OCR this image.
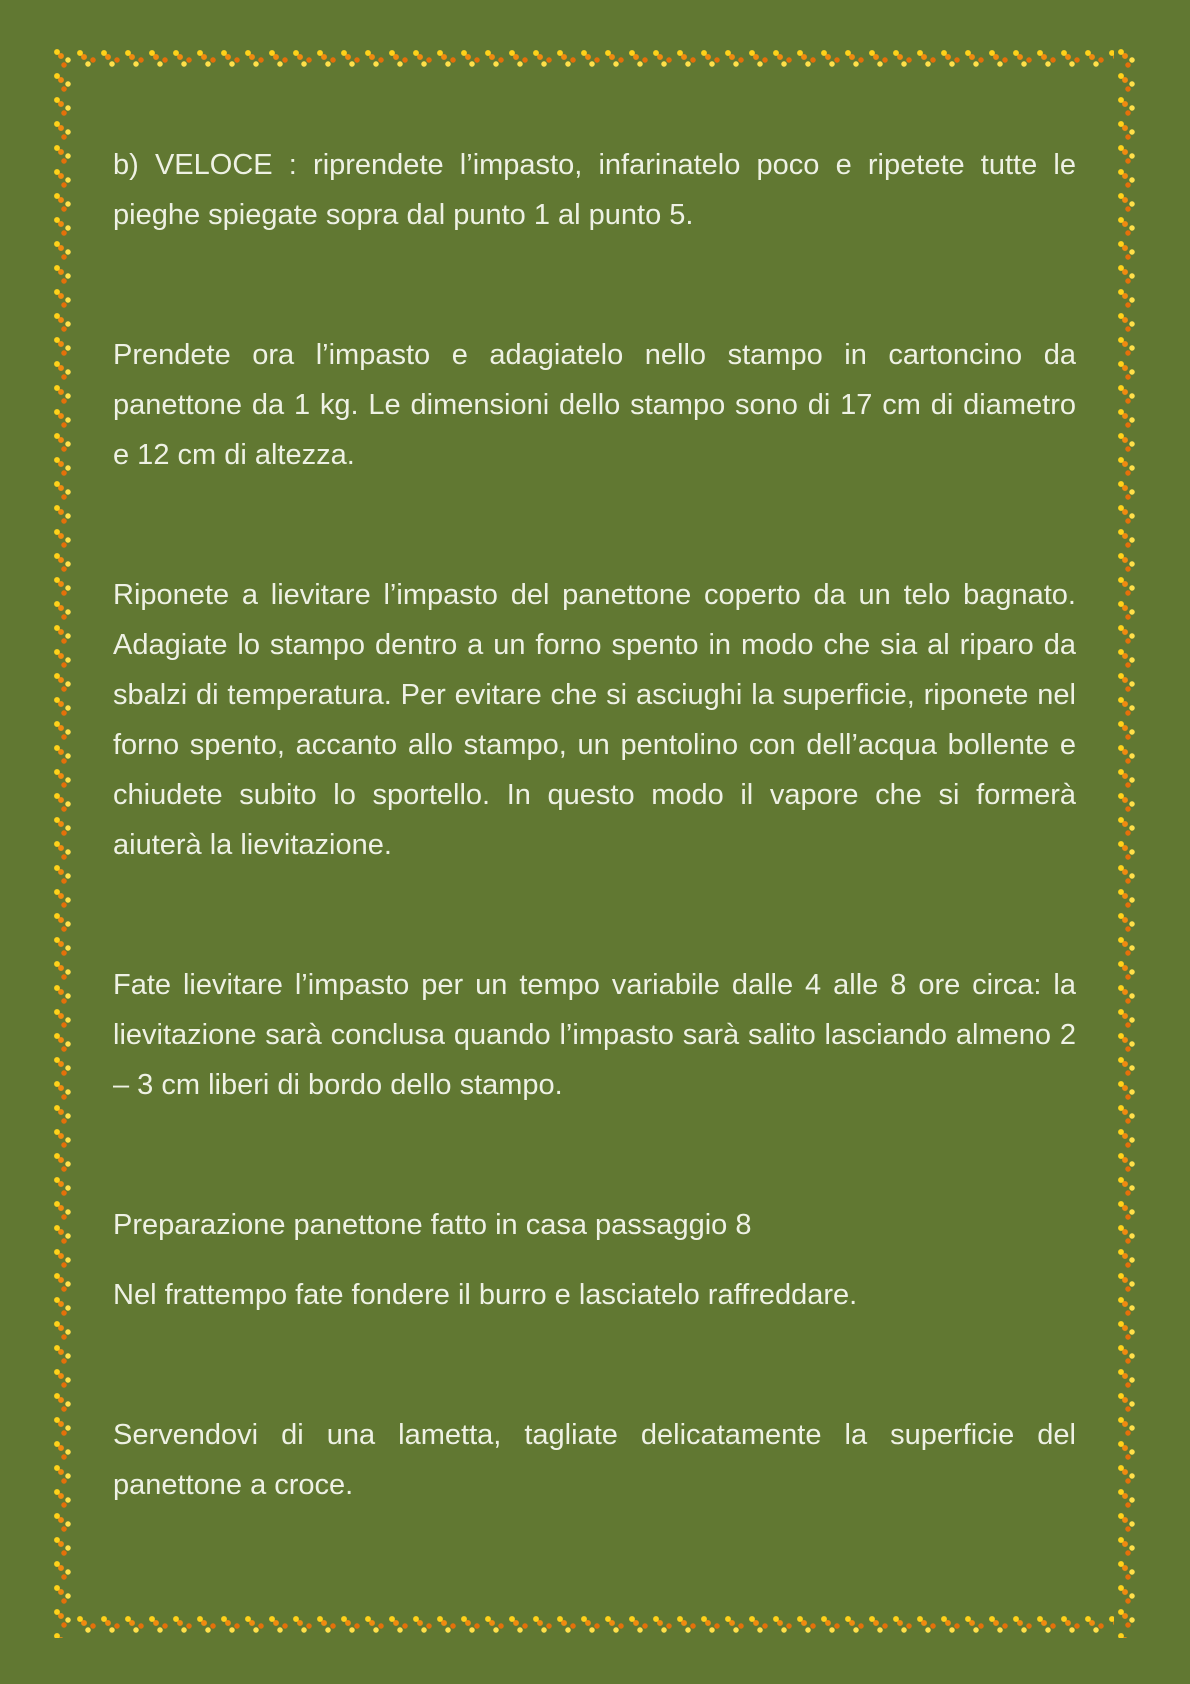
b) VELOCE : riprendete l’impasto, infarinatelo poco e ripetete tutte le pieghe spiegate sopra dal punto 1 al punto 5.

Prendete ora l’impasto e adagiatelo nello stampo in cartoncino da panettone da 1 kg. Le dimensioni dello stampo sono di 17 cm di diametro e 12 cm di altezza.

Riponete a lievitare l’impasto del panettone coperto da un telo bagnato. Adagiate lo stampo dentro a un forno spento in modo che sia al riparo da sbalzi di temperatura. Per evitare che si asciughi la superficie, riponete nel forno spento, accanto allo stampo, un pentolino con dell’acqua bollente e chiudete subito lo sportello. In questo modo il vapore che si formerà aiuterà la lievitazione.

Fate lievitare l’impasto per un tempo variabile dalle 4 alle 8 ore circa: la lievitazione sarà conclusa quando l’impasto sarà salito lasciando almeno 2 – 3 cm liberi di bordo dello stampo.

Preparazione panettone fatto in casa passaggio 8

Nel frattempo fate fondere il burro e lasciatelo raffreddare.

Servendovi di una lametta, tagliate delicatamente la superficie del panettone a croce.
